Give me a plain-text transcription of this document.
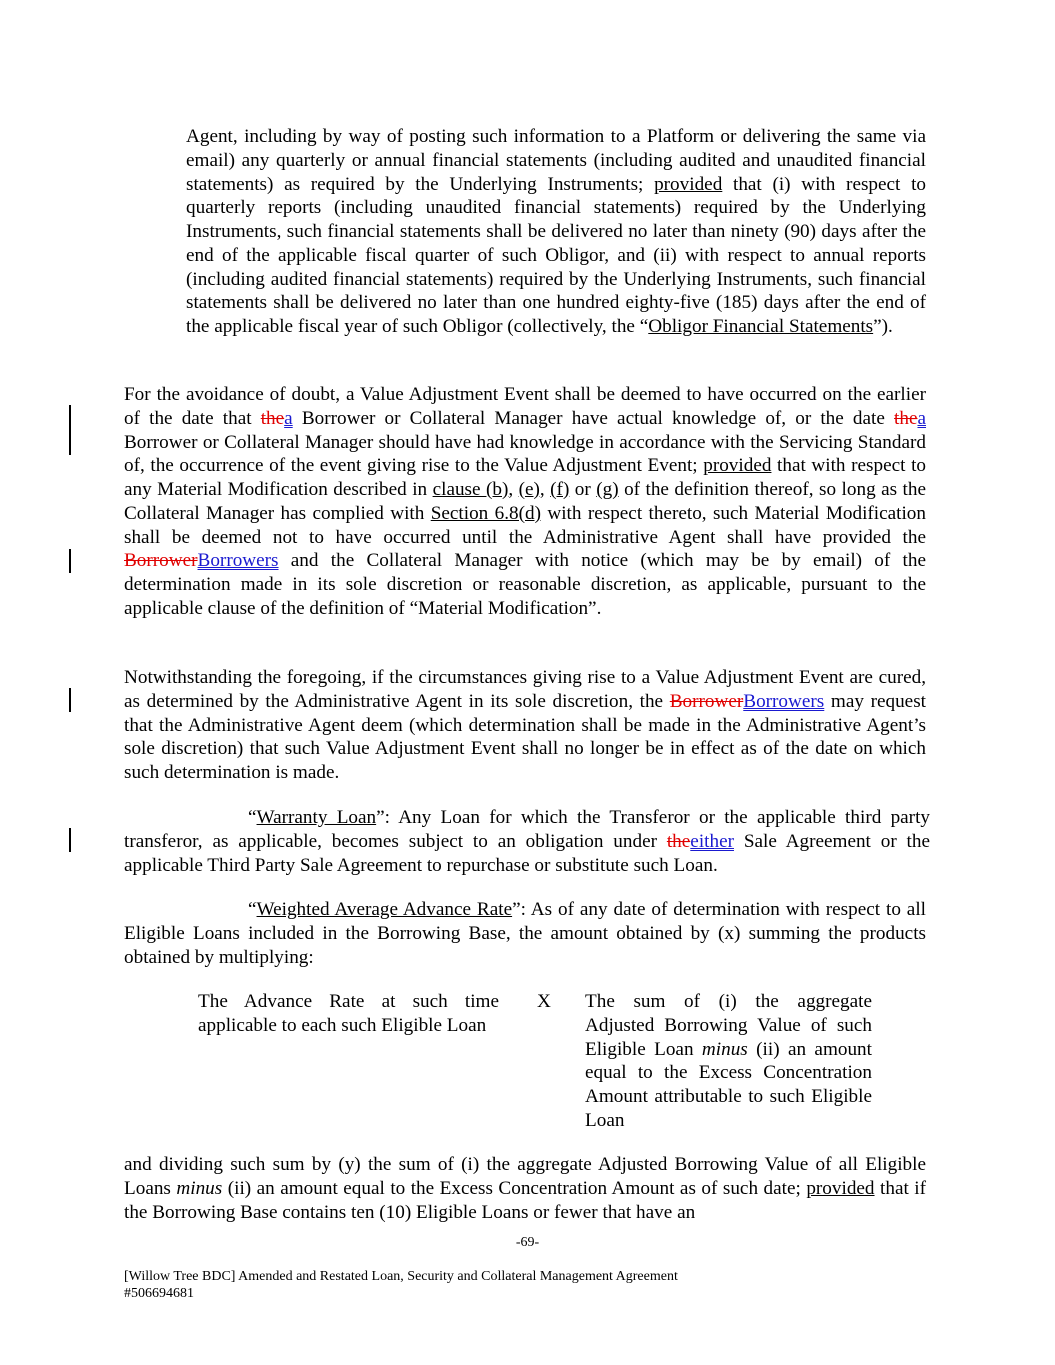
Agent, including by way of posting such information to a Platform or delivering the same via email) any quarterly or annual financial statements (including audited and unaudited financial statements) as required by the Underlying Instruments; provided that (i) with respect to quarterly reports (including unaudited financial statements) required by the Underlying Instruments, such financial statements shall be delivered no later than ninety (90) days after the end of the applicable fiscal quarter of such Obligor, and (ii) with respect to annual reports (including audited financial statements) required by the Underlying Instruments, such financial statements shall be delivered no later than one hundred eighty-five (185) days after the end of the applicable fiscal year of such Obligor (collectively, the “Obligor Financial Statements”).
For the avoidance of doubt, a Value Adjustment Event shall be deemed to have occurred on the earlier of the date that thea Borrower or Collateral Manager have actual knowledge of, or the date thea Borrower or Collateral Manager should have had knowledge in accordance with the Servicing Standard of, the occurrence of the event giving rise to the Value Adjustment Event; provided that with respect to any Material Modification described in clause (b), (e), (f) or (g) of the definition thereof, so long as the Collateral Manager has complied with Section 6.8(d) with respect thereto, such Material Modification shall be deemed not to have occurred until the Administrative Agent shall have provided the BorrowerBorrowers and the Collateral Manager with notice (which may be by email) of the determination made in its sole discretion or reasonable discretion, as applicable, pursuant to the applicable clause of the definition of “Material Modification”.
Notwithstanding the foregoing, if the circumstances giving rise to a Value Adjustment Event are cured, as determined by the Administrative Agent in its sole discretion, the BorrowerBorrowers may request that the Administrative Agent deem (which determination shall be made in the Administrative Agent’s sole discretion) that such Value Adjustment Event shall no longer be in effect as of the date on which such determination is made.
“Warranty Loan”: Any Loan for which the Transferor or the applicable third party transferor, as applicable, becomes subject to an obligation under theeither Sale Agreement or the applicable Third Party Sale Agreement to repurchase or substitute such Loan.
“Weighted Average Advance Rate”: As of any date of determination with respect to all Eligible Loans included in the Borrowing Base, the amount obtained by (x) summing the products obtained by multiplying:
The Advance Rate at such time applicable to each such Eligible Loan
X The sum of (i) the aggregate Adjusted Borrowing Value of such Eligible Loan minus (ii) an amount equal to the Excess Concentration Amount attributable to such Eligible Loan
and dividing such sum by (y) the sum of (i) the aggregate Adjusted Borrowing Value of all Eligible Loans minus (ii) an amount equal to the Excess Concentration Amount as of such date; provided that if the Borrowing Base contains ten (10) Eligible Loans or fewer that have an
-69-
[Willow Tree BDC] Amended and Restated Loan, Security and Collateral Management Agreement
#506694681
